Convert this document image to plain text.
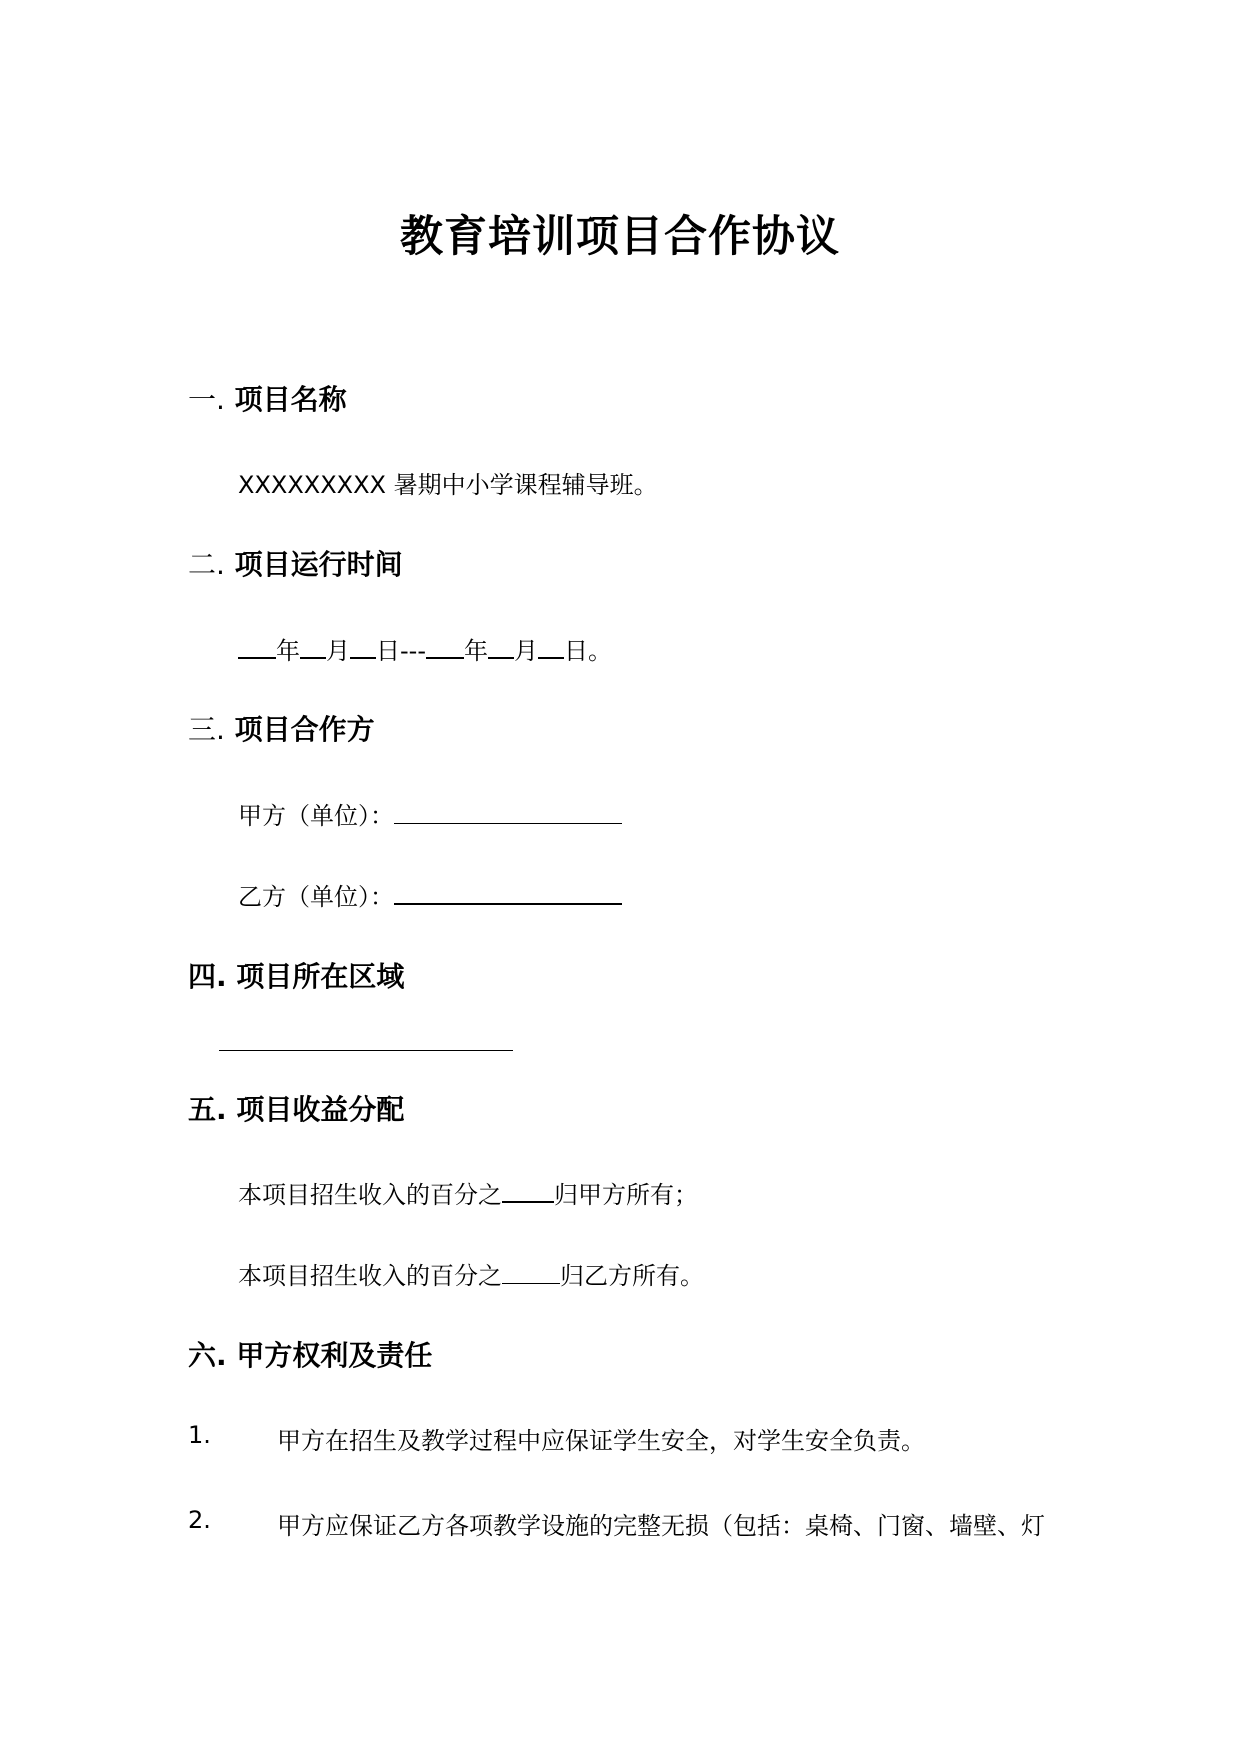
教育培训项目合作协议
一. 项目名称
XXXXXXXXX 暑期中小学课程辅导班。
二. 项目运行时间
年 月 日--- 年 月 日。
三. 项目合作方
甲方（单位）：
乙方（单位）：
四. 项目所在区域
五. 项目收益分配
本项目招生收入的百分之 归甲方所有；
本项目招生收入的百分之 归乙方所有。
六. 甲方权利及责任
1.	甲方在招生及教学过程中应保证学生安全，对学生安全负责。
2.	甲方应保证乙方各项教学设施的完整无损（包括：桌椅、门窗、墙壁、灯
